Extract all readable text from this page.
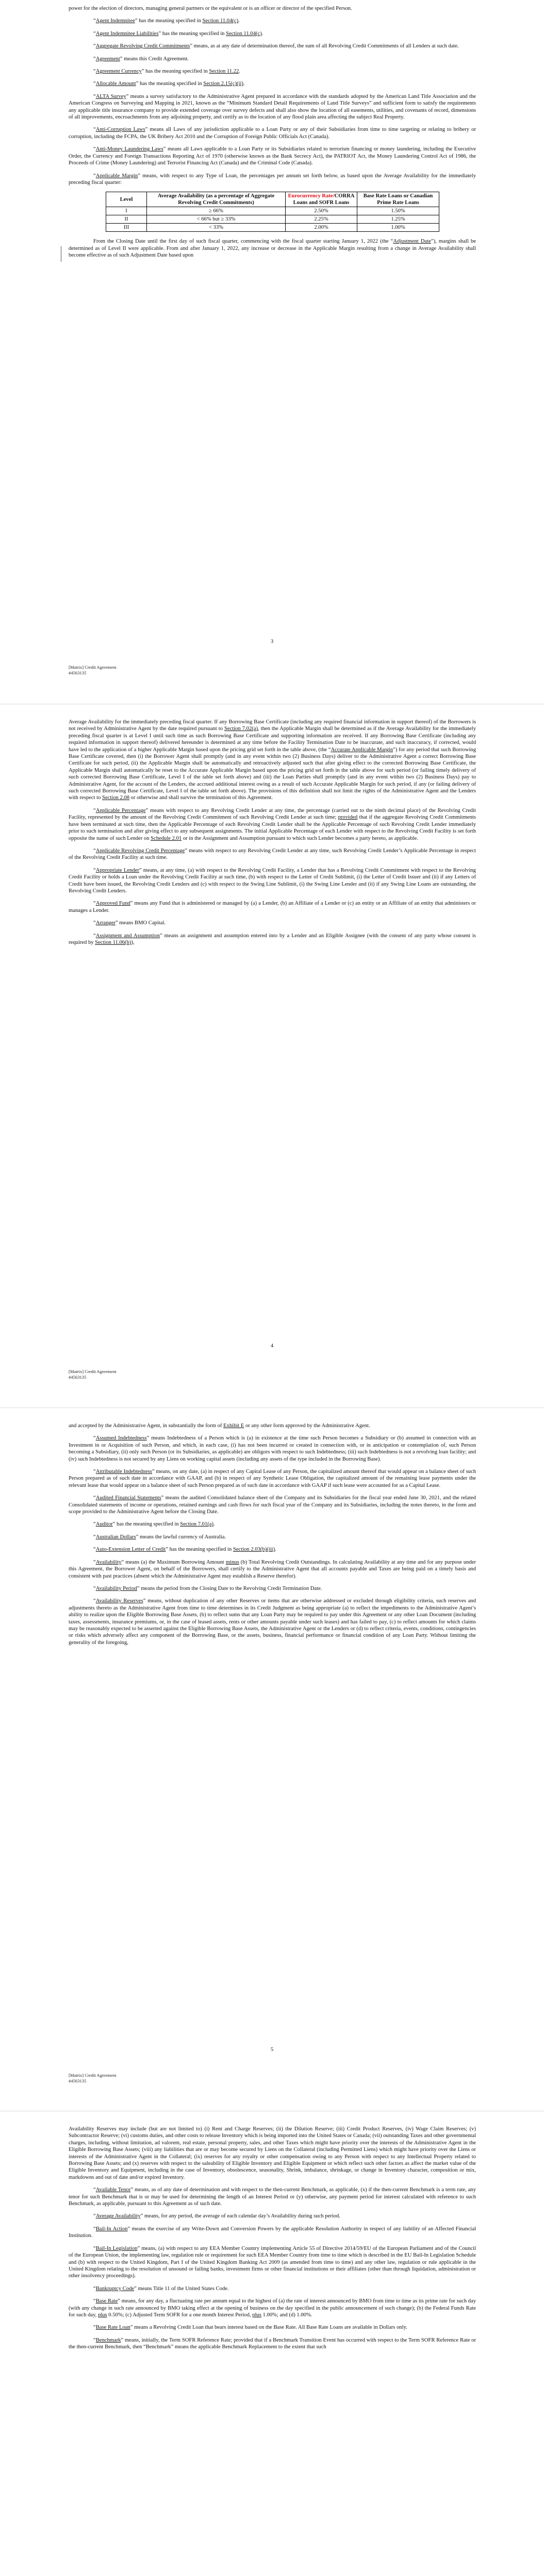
power for the election of directors, managing general partners or the equivalent or is an officer or director of the specified Person.

“Agent Indemnitee” has the meaning specified in Section 11.04(c).

“Agent Indemnitee Liabilities” has the meaning specified in Section 11.04(c).

“Aggregate Revolving Credit Commitments” means, as at any date of determination thereof, the sum of all Revolving Credit Commitments of all Lenders at such date.

“Agreement” means this Credit Agreement.

“Agreement Currency” has the meaning specified in Section 11.22.

“Allocable Amount” has the meaning specified in Section 2.15(c)(ii).

“ALTA Survey” means a survey satisfactory to the Administrative Agent prepared in accordance with the standards adopted by the American Land Title Association and the American Congress on Surveying and Mapping in 2021, known as the “Minimum Standard Detail Requirements of Land Title Surveys” and sufficient form to satisfy the requirements any applicable title insurance company to provide extended coverage over survey defects and shall also show the location of all easements, utilities, and covenants of record, dimensions of all improvements, encroachments from any adjoining property, and certify as to the location of any flood plain area affecting the subject Real Property.

“Anti-Corruption Laws” means all Laws of any jurisdiction applicable to a Loan Party or any of their Subsidiaries from time to time targeting or relating to bribery or corruption, including the FCPA, the UK Bribery Act 2010 and the Corruption of Foreign Public Officials Act (Canada).

“Anti-Money Laundering Laws” means all Laws applicable to a Loan Party or its Subsidiaries related to terrorism financing or money laundering, including the Executive Order, the Currency and Foreign Transactions Reporting Act of 1970 (otherwise known as the Bank Secrecy Act), the PATRIOT Act, the Money Laundering Control Act of 1986, the Proceeds of Crime (Money Laundering) and Terrorist Financing Act (Canada) and the Criminal Code (Canada).

“Applicable Margin” means, with respect to any Type of Loan, the percentages per annum set forth below, as based upon the Average Availability for the immediately preceding fiscal quarter:

Level	Average Availability (as a percentage of Aggregate Revolving Credit Commitments)	Eurocurrency Rate/CORRA Loans and SOFR Loans	Base Rate Loans or Canadian Prime Rate Loans
I	≥ 66%	2.50%	1.50%
II	< 66% but ≥ 33%	2.25%	1.25%
III	< 33%	2.00%	1.00%

From the Closing Date until the first day of such fiscal quarter, commencing with the fiscal quarter starting January 1, 2022 (the “Adjustment Date”), margins shall be determined as of Level II were applicable. From and after January 1, 2022, any increase or decrease in the Applicable Margin resulting from a change in Average Availability shall become effective as of such Adjustment Date based upon

3
[Matrix] Credit Agreement
#4563135

Average Availability for the immediately preceding fiscal quarter. If any Borrowing Base Certificate (including any required financial information in support thereof) of the Borrowers is not received by Administrative Agent by the date required pursuant to Section 7.02(a), then the Applicable Margin shall be determined as if the Average Availability for the immediately preceding fiscal quarter is at Level I until such time as such Borrowing Base Certificate and supporting information are received. If any Borrowing Base Certificate (including any required information in support thereof) delivered hereunder is determined at any time before the Facility Termination Date to be inaccurate, and such inaccuracy, if corrected, would have led to the application of a higher Applicable Margin based upon the pricing grid set forth in the table above, (the “Accurate Applicable Margin”) for any period that such Borrowing Base Certificate covered, then (i) the Borrower Agent shall promptly (and in any event within two (2) Business Days) deliver to the Administrative Agent a correct Borrowing Base Certificate for such period, (ii) the Applicable Margin shall be automatically and retroactively adjusted such that after giving effect to the corrected Borrowing Base Certificate, the Applicable Margin shall automatically be reset to the Accurate Applicable Margin based upon the pricing grid set forth in the table above for such period (or failing timely delivery of such corrected Borrowing Base Certificate, Level I of the table set forth above) and (iii) the Loan Parties shall promptly (and in any event within two (2) Business Days) pay to Administrative Agent, for the account of the Lenders, the accrued additional interest owing as a result of such Accurate Applicable Margin for such period, if any (or failing delivery of such corrected Borrowing Base Certificate, Level I of the table set forth above). The provisions of this definition shall not limit the rights of the Administrative Agent and the Lenders with respect to Section 2.08 or otherwise and shall survive the termination of this Agreement.

“Applicable Percentage” means with respect to any Revolving Credit Lender at any time, the percentage (carried out to the ninth decimal place) of the Revolving Credit Facility, represented by the amount of the Revolving Credit Commitment of such Revolving Credit Lender at such time; provided that if the aggregate Revolving Credit Commitments have been terminated at such time, then the Applicable Percentage of each Revolving Credit Lender shall be the Applicable Percentage of such Revolving Credit Lender immediately prior to such termination and after giving effect to any subsequent assignments. The initial Applicable Percentage of each Lender with respect to the Revolving Credit Facility is set forth opposite the name of such Lender on Schedule 2.01 or in the Assignment and Assumption pursuant to which such Lender becomes a party hereto, as applicable.

“Applicable Revolving Credit Percentage” means with respect to any Revolving Credit Lender at any time, such Revolving Credit Lender’s Applicable Percentage in respect of the Revolving Credit Facility at such time.

“Appropriate Lender” means, at any time, (a) with respect to the Revolving Credit Facility, a Lender that has a Revolving Credit Commitment with respect to the Revolving Credit Facility or holds a Loan under the Revolving Credit Facility at such time, (b) with respect to the Letter of Credit Sublimit, (i) the Letter of Credit Issuer and (ii) if any Letters of Credit have been issued, the Revolving Credit Lenders and (c) with respect to the Swing Line Sublimit, (i) the Swing Line Lender and (ii) if any Swing Line Loans are outstanding, the Revolving Credit Lenders.

“Approved Fund” means any Fund that is administered or managed by (a) a Lender, (b) an Affiliate of a Lender or (c) an entity or an Affiliate of an entity that administers or manages a Lender.

“Arranger” means BMO Capital.

“Assignment and Assumption” means an assignment and assumption entered into by a Lender and an Eligible Assignee (with the consent of any party whose consent is required by Section 11.06(b)),

4
[Matrix] Credit Agreement
#4563135

and accepted by the Administrative Agent, in substantially the form of Exhibit E or any other form approved by the Administrative Agent.

“Assumed Indebtedness” means Indebtedness of a Person which is (a) in existence at the time such Person becomes a Subsidiary or (b) assumed in connection with an Investment in or Acquisition of such Person, and which, in each case, (i) has not been incurred or created in connection with, or in anticipation or contemplation of, such Person becoming a Subsidiary, (ii) only such Person (or its Subsidiaries, as applicable) are obligors with respect to such Indebtedness; (iii) such Indebtedness is not a revolving loan facility; and (iv) such Indebtedness is not secured by any Liens on working capital assets (including any assets of the type included in the Borrowing Base).

“Attributable Indebtedness” means, on any date, (a) in respect of any Capital Lease of any Person, the capitalized amount thereof that would appear on a balance sheet of such Person prepared as of such date in accordance with GAAP, and (b) in respect of any Synthetic Lease Obligation, the capitalized amount of the remaining lease payments under the relevant lease that would appear on a balance sheet of such Person prepared as of such date in accordance with GAAP if such lease were accounted for as a Capital Lease.

“Audited Financial Statements” means the audited Consolidated balance sheet of the Company and its Subsidiaries for the fiscal year ended June 30, 2021, and the related Consolidated statements of income or operations, retained earnings and cash flows for such fiscal year of the Company and its Subsidiaries, including the notes thereto, in the form and scope provided to the Administrative Agent before the Closing Date.

“Auditor” has the meaning specified in Section 7.01(a).

“Australian Dollars” means the lawful currency of Australia.

“Auto-Extension Letter of Credit” has the meaning specified in Section 2.03(b)(iii).

“Availability” means (a) the Maximum Borrowing Amount minus (b) Total Revolving Credit Outstandings. In calculating Availability at any time and for any purpose under this Agreement, the Borrower Agent, on behalf of the Borrowers, shall certify to the Administrative Agent that all accounts payable and Taxes are being paid on a timely basis and consistent with past practices (absent which the Administrative Agent may establish a Reserve therefor).

“Availability Period” means the period from the Closing Date to the Revolving Credit Termination Date.

“Availability Reserves” means, without duplication of any other Reserves or items that are otherwise addressed or excluded through eligibility criteria, such reserves and adjustments thereto as the Administrative Agent from time to time determines in its Credit Judgment as being appropriate (a) to reflect the impediments to the Administrative Agent’s ability to realize upon the Eligible Borrowing Base Assets, (b) to reflect sums that any Loan Party may be required to pay under this Agreement or any other Loan Document (including taxes, assessments, insurance premiums, or, in the case of leased assets, rents or other amounts payable under such leases) and has failed to pay, (c) to reflect amounts for which claims may be reasonably expected to be asserted against the Eligible Borrowing Base Assets, the Administrative Agent or the Lenders or (d) to reflect criteria, events, conditions, contingencies or risks which adversely affect any component of the Borrowing Base, or the assets, business, financial performance or financial condition of any Loan Party. Without limiting the generality of the foregoing,

5
[Matrix] Credit Agreement
#4563135

Availability Reserves may include (but are not limited to) (i) Rent and Charge Reserves; (ii) the Dilution Reserve; (iii) Credit Product Reserves, (iv) Wage Claim Reserves; (v) Subcontractor Reserve; (vi) customs duties, and other costs to release Inventory which is being imported into the United States or Canada; (vii) outstanding Taxes and other governmental charges, including, without limitation, ad valorem, real estate, personal property, sales, and other Taxes which might have priority over the interests of the Administrative Agent in the Eligible Borrowing Base Assets; (viii) any liabilities that are or may become secured by Liens on the Collateral (including Permitted Liens) which might have priority over the Liens or interests of the Administrative Agent in the Collateral; (ix) reserves for any royalty or other compensation owing to any Person with respect to any Intellectual Property related to Borrowing Base Assets; and (x) reserves with respect to the saleability of Eligible Inventory and Eligible Equipment or which reflect such other factors as affect the market value of the Eligible Inventory and Equipment, including in the case of Inventory, obsolescence, seasonality, Shrink, imbalance, shrinkage, or change in Inventory character, composition or mix, markdowns and out of date and/or expired Inventory.

“Available Tenor” means, as of any date of determination and with respect to the then-current Benchmark, as applicable, (x) if the then-current Benchmark is a term rate, any tenor for such Benchmark that is or may be used for determining the length of an Interest Period or (y) otherwise, any payment period for interest calculated with reference to such Benchmark, as applicable, pursuant to this Agreement as of such date.

“Average Availability” means, for any period, the average of each calendar day’s Availability during such period.

“Bail-In Action” means the exercise of any Write-Down and Conversion Powers by the applicable Resolution Authority in respect of any liability of an Affected Financial Institution.

“Bail-In Legislation” means, (a) with respect to any EEA Member Country implementing Article 55 of Directive 2014/59/EU of the European Parliament and of the Council of the European Union, the implementing law, regulation rule or requirement for such EEA Member Country from time to time which is described in the EU Bail-In Legislation Schedule and (b) with respect to the United Kingdom, Part I of the United Kingdom Banking Act 2009 (as amended from time to time) and any other law, regulation or rule applicable in the United Kingdom relating to the resolution of unsound or failing banks, investment firms or other financial institutions or their affiliates (other than through liquidation, administration or other insolvency proceedings).

“Bankruptcy Code” means Title 11 of the United States Code.

“Base Rate” means, for any day, a fluctuating rate per annum equal to the highest of (a) the rate of interest announced by BMO from time to time as its prime rate for such day (with any change in such rate announced by BMO taking effect at the opening of business on the day specified in the public announcement of such change); (b) the Federal Funds Rate for such day, plus 0.50%; (c) Adjusted Term SOFR for a one month Interest Period, plus 1.00%; and (d) 1.00%.

“Base Rate Loan” means a Revolving Credit Loan that bears interest based on the Base Rate. All Base Rate Loans are available in Dollars only.

“Benchmark” means, initially, the Term SOFR Reference Rate; provided that if a Benchmark Transition Event has occurred with respect to the Term SOFR Reference Rate or the then-current Benchmark, then “Benchmark” means the applicable Benchmark Replacement to the extent that such
